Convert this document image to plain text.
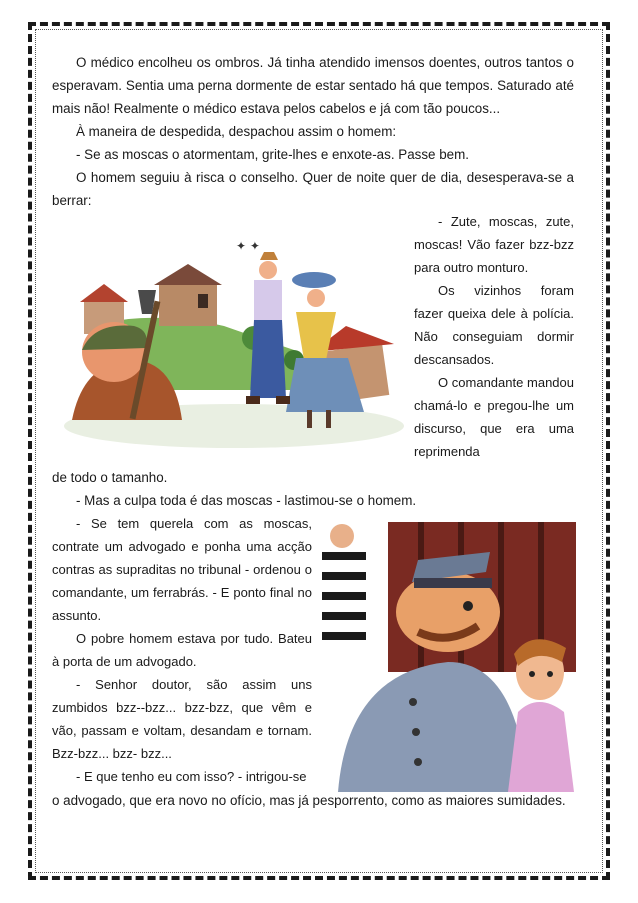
O médico encolheu os ombros. Já tinha atendido imensos doentes, outros tantos o esperavam. Sentia uma perna dormente de estar sentado há que tempos. Saturado até mais não! Realmente o médico estava pelos cabelos e já com tão poucos...

À maneira de despedida, despachou assim o homem:

- Se as moscas o atormentam, grite-lhes e enxote-as. Passe bem.

O homem seguiu à risca o conselho. Quer de noite quer de dia, desesperava-se a berrar:

✦ ✦

- Zute, moscas, zute, moscas! Vão fazer bzz-bzz para outro monturo.

Os vizinhos foram fazer queixa dele à polícia. Não conseguiam dormir descansados.

O comandante mandou chamá-lo e pregou-lhe um discurso, que era uma reprimenda

de todo o tamanho.

- Mas a culpa toda é das moscas - lastimou-se o homem.

- Se tem querela com as moscas, contrate um advogado e ponha uma acção contras as supraditas no tribunal - ordenou o comandante, um ferrabrás. - E ponto final no assunto.

O pobre homem estava por tudo. Bateu à porta de um advogado.

- Senhor doutor, são assim uns zumbidos bzz--bzz... bzz-bzz, que vêm e vão, passam e voltam, desandam e tornam. Bzz-bzz... bzz- bzz...

- E que tenho eu com isso? - intrigou-se

o advogado, que era novo no ofício, mas já pesporrento, como as maiores sumidades.
